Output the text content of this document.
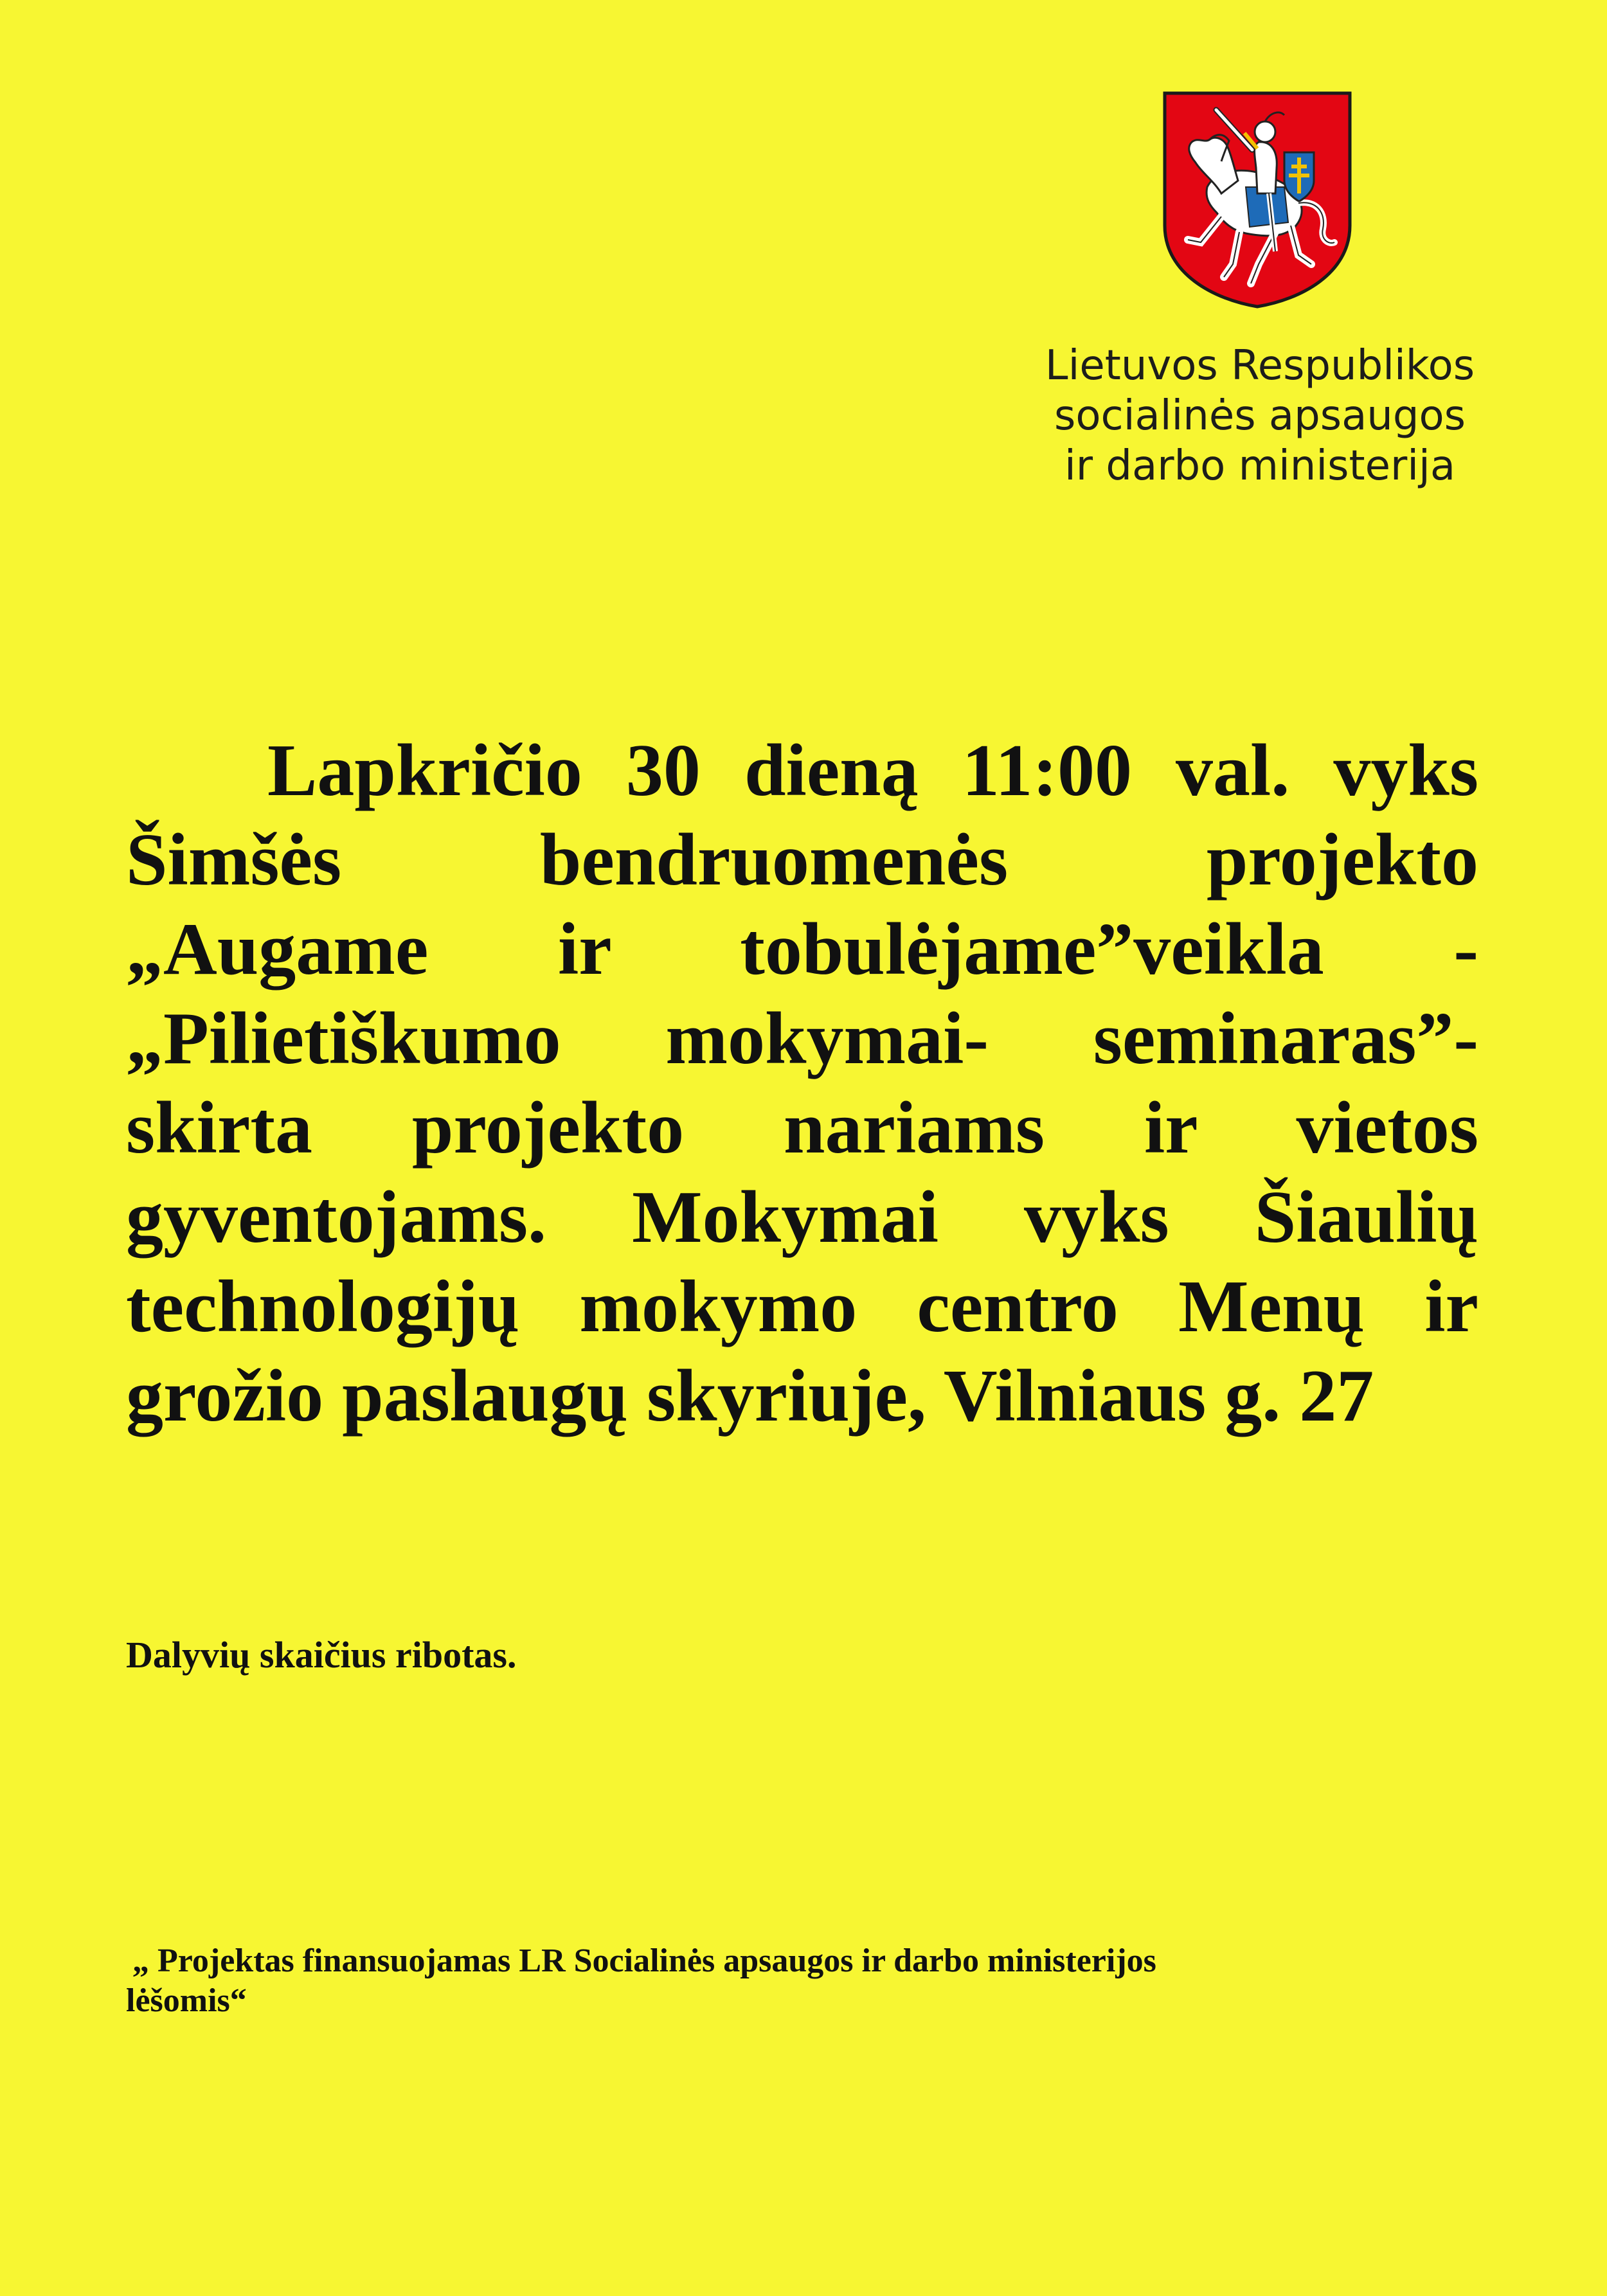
Lietuvos Respublikos
socialinės apsaugos
ir darbo ministerija
Lapkričio 30 dieną 11:00 val. vyks
Šimšės bendruomenės projekto
„Augame ir tobulėjame”veikla -
„Pilietiškumo mokymai- seminaras”-
skirta projekto nariams ir vietos
gyventojams. Mokymai vyks Šiaulių
technologijų mokymo centro Menų ir
grožio paslaugų skyriuje, Vilniaus g. 27
Dalyvių skaičius ribotas.
„ Projektas finansuojamas LR Socialinės apsaugos ir darbo ministerijos
lėšomis“
